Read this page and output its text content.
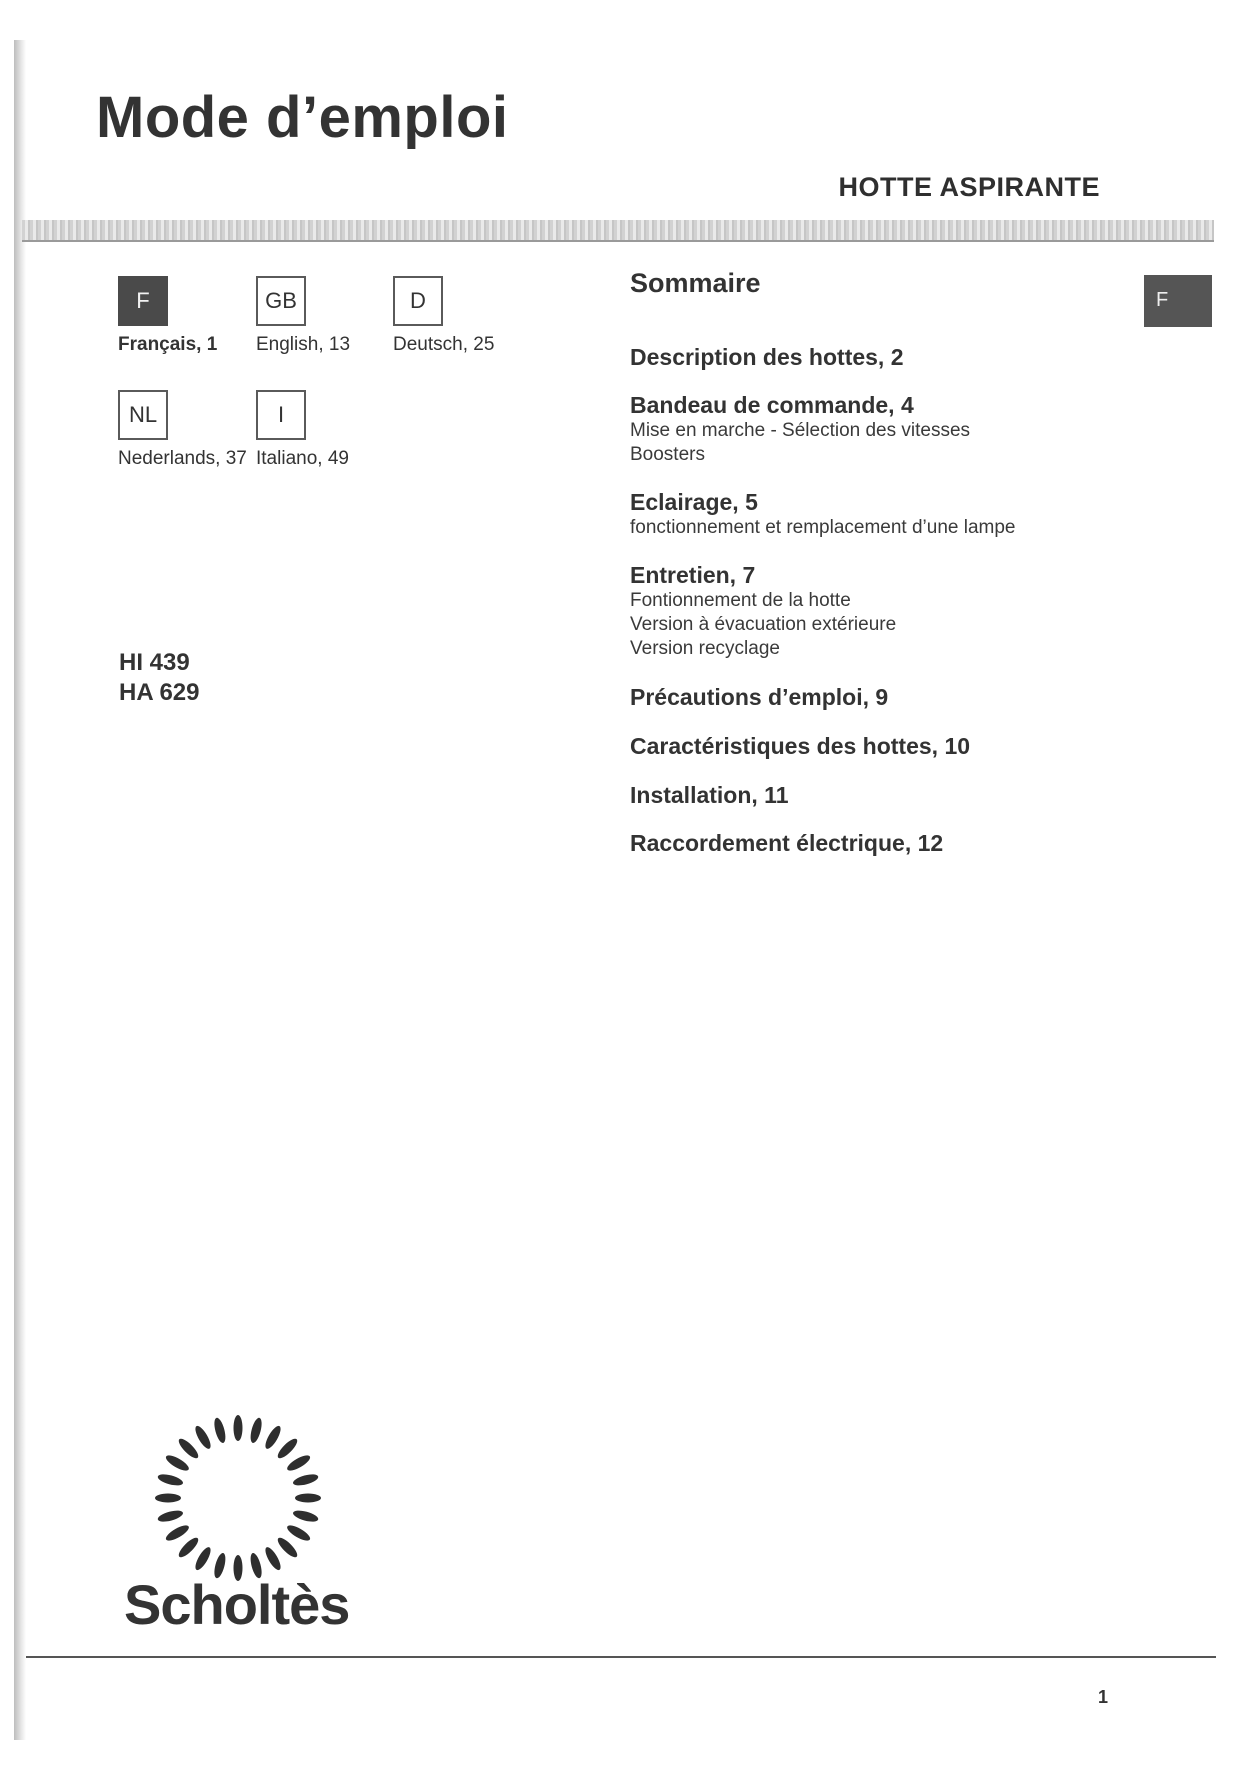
Mode d’emploi
HOTTE ASPIRANTE
F
Français, 1
GB
English, 13
D
Deutsch, 25
NL
Nederlands, 37
I
Italiano, 49
HI 439
HA 629
Sommaire
F
Description des hottes, 2
Bandeau de commande, 4
Mise en marche - Sélection des vitesses
Boosters
Eclairage, 5
fonctionnement et remplacement d’une lampe
Entretien, 7
Fontionnement de la hotte
Version à évacuation extérieure
Version recyclage
Précautions d’emploi, 9
Caractéristiques des hottes, 10
Installation, 11
Raccordement électrique, 12
Scholtès
1
